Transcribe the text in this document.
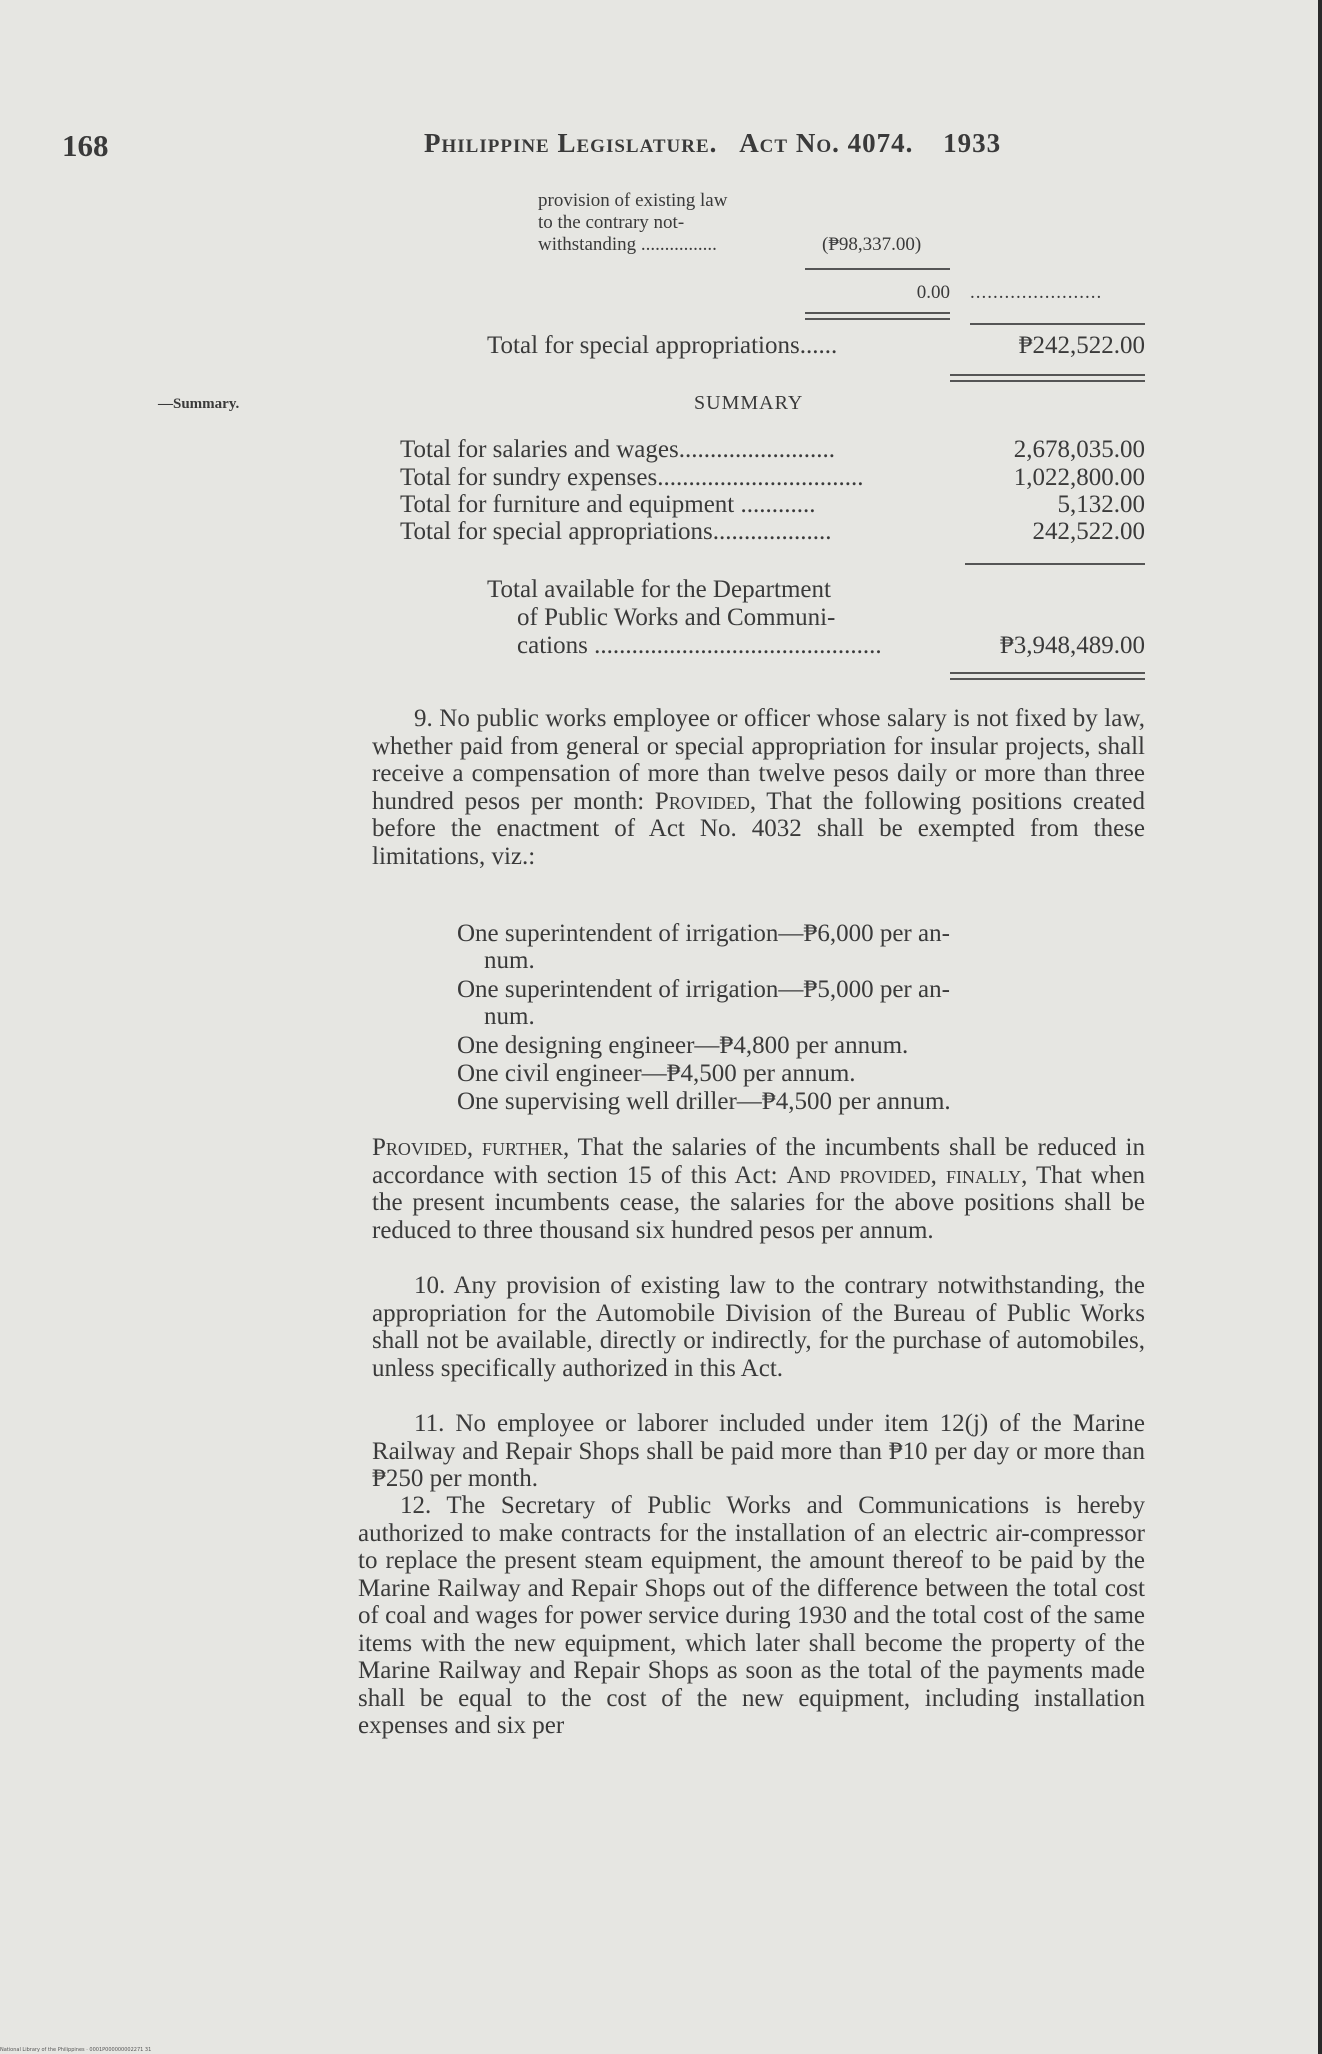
168	Philippine Legislature. Act No. 4074. 1933
provision of existing law
to the contrary not-
withstanding ................	(₱98,337.00)
0.00 .......................
Total for special appropriations......	₱242,522.00
—Summary.	SUMMARY
Total for salaries and wages.........................	2,678,035.00
Total for sundry expenses.................................	1,022,800.00
Total for furniture and equipment ............	5,132.00
Total for special appropriations...................	242,522.00
Total available for the Department
of Public Works and Communi-
cations ..............................................	₱3,948,489.00
9. No public works employee or officer whose salary is not fixed by law, whether paid from general or special appropriation for insular projects, shall receive a compensation of more than twelve pesos daily or more than three hundred pesos per month: Provided, That the following positions created before the enactment of Act No. 4032 shall be exempted from these limitations, viz.:
One superintendent of irrigation—₱6,000 per an-
num.
One superintendent of irrigation—₱5,000 per an-
num.
One designing engineer—₱4,800 per annum.
One civil engineer—₱4,500 per annum.
One supervising well driller—₱4,500 per annum.
Provided, further, That the salaries of the incumbents shall be reduced in accordance with section 15 of this Act: And provided, finally, That when the present incumbents cease, the salaries for the above positions shall be reduced to three thousand six hundred pesos per annum.
10. Any provision of existing law to the contrary notwithstanding, the appropriation for the Automobile Division of the Bureau of Public Works shall not be available, directly or indirectly, for the purchase of automobiles, unless specifically authorized in this Act.
11. No employee or laborer included under item 12(j) of the Marine Railway and Repair Shops shall be paid more than ₱10 per day or more than ₱250 per month.
12. The Secretary of Public Works and Communications is hereby authorized to make contracts for the installation of an electric air-compressor to replace the present steam equipment, the amount thereof to be paid by the Marine Railway and Repair Shops out of the difference between the total cost of coal and wages for power service during 1930 and the total cost of the same items with the new equipment, which later shall become the property of the Marine Railway and Repair Shops as soon as the total of the payments made shall be equal to the cost of the new equipment, including installation expenses and six per
National Library of the Philippines · 0001P000000002271 31
